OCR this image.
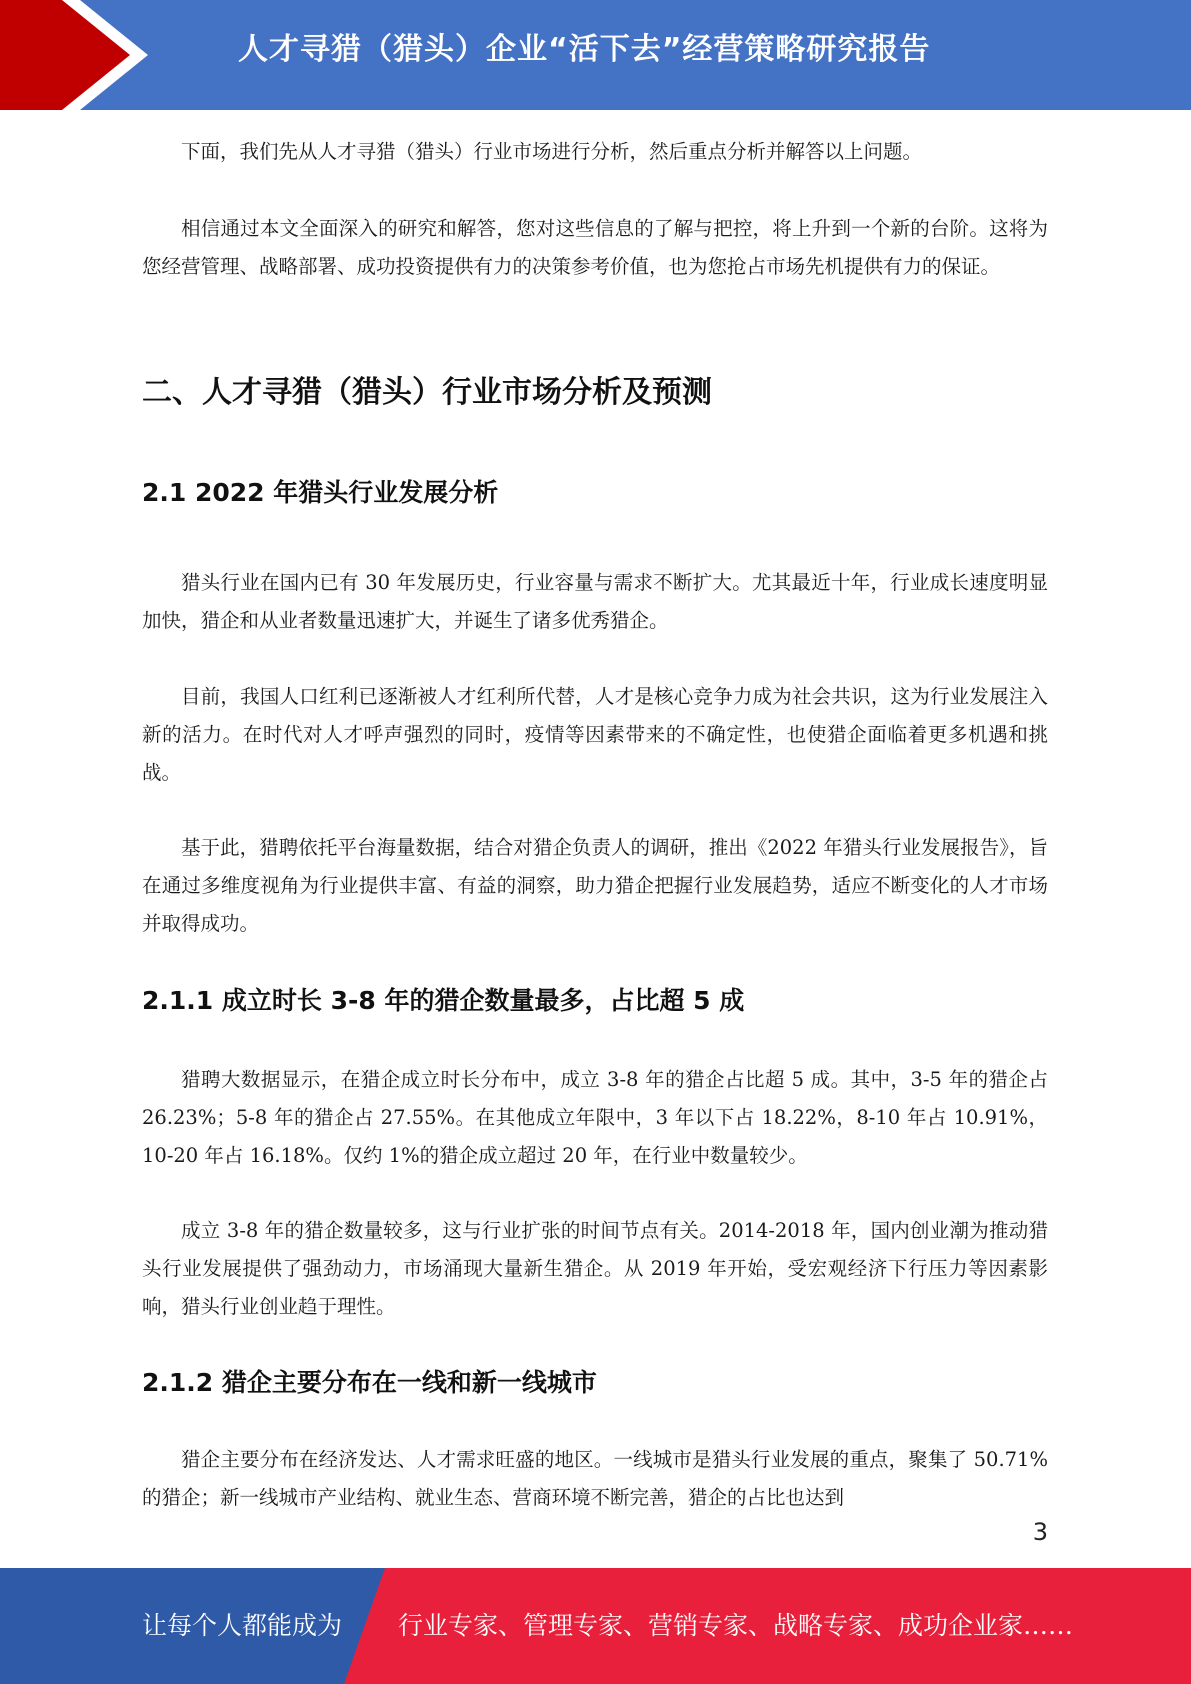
人才寻猎（猎头）企业“活下去”经营策略研究报告

下面，我们先从人才寻猎（猎头）行业市场进行分析，然后重点分析并解答以上问题。

相信通过本文全面深入的研究和解答，您对这些信息的了解与把控，将上升到一个新的台阶。这将为您经营管理、战略部署、成功投资提供有力的决策参考价值，也为您抢占市场先机提供有力的保证。

二、人才寻猎（猎头）行业市场分析及预测
2.1 2022 年猎头行业发展分析

猎头行业在国内已有 30 年发展历史，行业容量与需求不断扩大。尤其最近十年，行业成长速度明显加快，猎企和从业者数量迅速扩大，并诞生了诸多优秀猎企。

目前，我国人口红利已逐渐被人才红利所代替，人才是核心竞争力成为社会共识，这为行业发展注入新的活力。在时代对人才呼声强烈的同时，疫情等因素带来的不确定性，也使猎企面临着更多机遇和挑战。

基于此，猎聘依托平台海量数据，结合对猎企负责人的调研，推出《2022 年猎头行业发展报告》，旨在通过多维度视角为行业提供丰富、有益的洞察，助力猎企把握行业发展趋势，适应不断变化的人才市场并取得成功。

2.1.1 成立时长 3-8 年的猎企数量最多，占比超 5 成

猎聘大数据显示，在猎企成立时长分布中，成立 3-8 年的猎企占比超 5 成。其中，3-5 年的猎企占 26.23%；5-8 年的猎企占 27.55%。在其他成立年限中，3 年以下占 18.22%，8-10 年占 10.91%，10-20 年占 16.18%。仅约 1%的猎企成立超过 20 年，在行业中数量较少。

成立 3-8 年的猎企数量较多，这与行业扩张的时间节点有关。2014-2018 年，国内创业潮为推动猎头行业发展提供了强劲动力，市场涌现大量新生猎企。从 2019 年开始，受宏观经济下行压力等因素影响，猎头行业创业趋于理性。

2.1.2 猎企主要分布在一线和新一线城市

猎企主要分布在经济发达、人才需求旺盛的地区。一线城市是猎头行业发展的重点，聚集了 50.71%的猎企；新一线城市产业结构、就业生态、营商环境不断完善，猎企的占比也达到

3
让每个人都能成为 行业专家、管理专家、营销专家、战略专家、成功企业家……
